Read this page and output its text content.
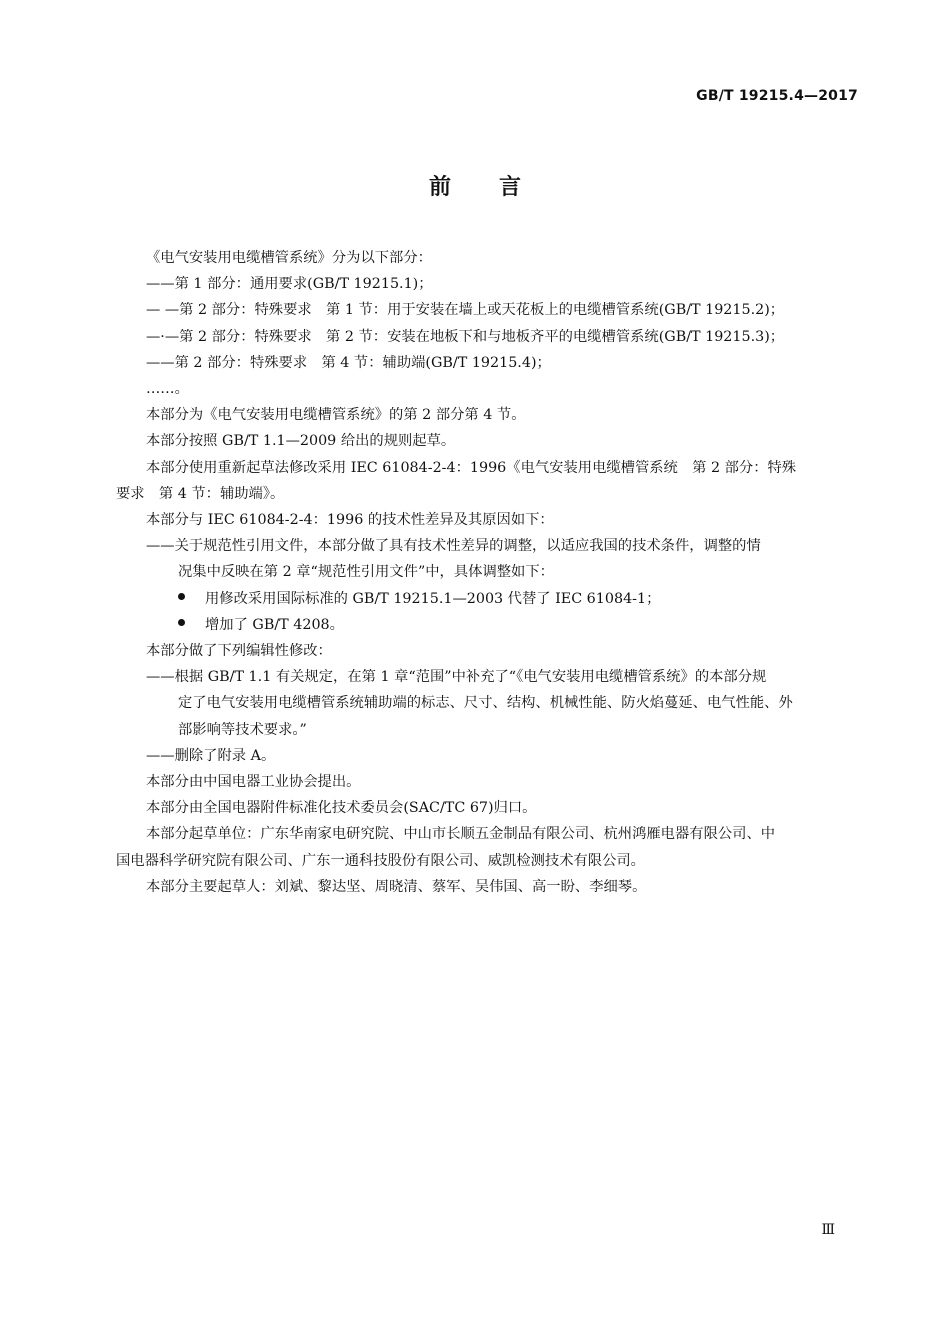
GB/T 19215.4—2017
前言
《电气安装用电缆槽管系统》分为以下部分：
——第 1 部分：通用要求(GB/T 19215.1)；
— —第 2 部分：特殊要求　第 1 节：用于安装在墙上或天花板上的电缆槽管系统(GB/T 19215.2)；
—·—第 2 部分：特殊要求　第 2 节：安装在地板下和与地板齐平的电缆槽管系统(GB/T 19215.3)；
——第 2 部分：特殊要求　第 4 节：辅助端(GB/T 19215.4)；
……。
本部分为《电气安装用电缆槽管系统》的第 2 部分第 4 节。
本部分按照 GB/T 1.1—2009 给出的规则起草。
本部分使用重新起草法修改采用 IEC 61084-2-4：1996《电气安装用电缆槽管系统　第 2 部分：特殊
要求　第 4 节：辅助端》。
本部分与 IEC 61084-2-4：1996 的技术性差异及其原因如下：
——关于规范性引用文件，本部分做了具有技术性差异的调整，以适应我国的技术条件，调整的情
况集中反映在第 2 章“规范性引用文件”中，具体调整如下：
用修改采用国际标准的 GB/T 19215.1—2003 代替了 IEC 61084-1；
增加了 GB/T 4208。
本部分做了下列编辑性修改：
——根据 GB/T 1.1 有关规定，在第 1 章“范围”中补充了“《电气安装用电缆槽管系统》的本部分规
定了电气安装用电缆槽管系统辅助端的标志、尺寸、结构、机械性能、防火焰蔓延、电气性能、外
部影响等技术要求。”
——删除了附录 A。
本部分由中国电器工业协会提出。
本部分由全国电器附件标准化技术委员会(SAC/TC 67)归口。
本部分起草单位：广东华南家电研究院、中山市长顺五金制品有限公司、杭州鸿雁电器有限公司、中
国电器科学研究院有限公司、广东一通科技股份有限公司、威凯检测技术有限公司。
本部分主要起草人：刘斌、黎达坚、周晓清、蔡军、吴伟国、高一盼、李细琴。
Ⅲ
